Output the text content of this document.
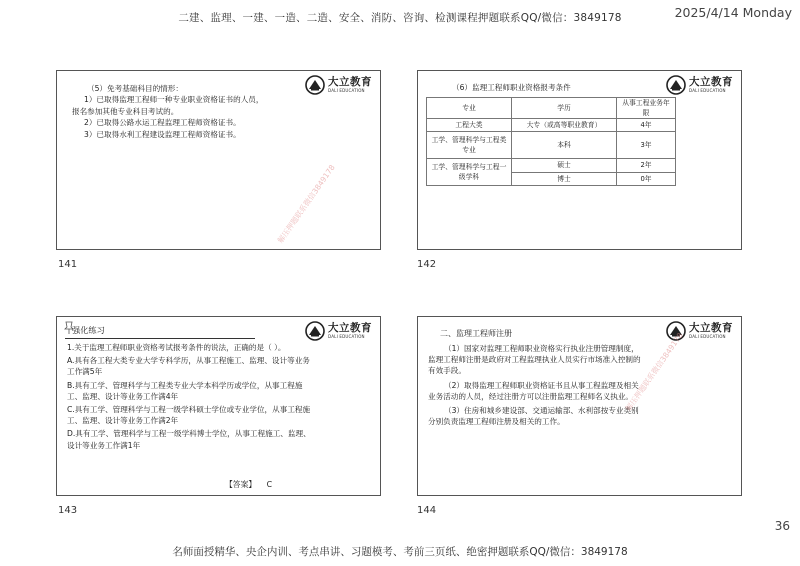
二建、监理、一建、一造、二造、安全、消防、咨询、检测课程押题联系QQ/微信：3849178	2025/4/14 Monday
大立教育
DALI EDUCATION

（5）免考基础科目的情形：

1）已取得监理工程师一种专业职业资格证书的人员，

报名参加其他专业科目考试的。

2）已取得公路水运工程监理工程师资格证书。

3）已取得水利工程建设监理工程师资格证书。

解压押题联系微信3849178
141
大立教育
DALI EDUCATION
（6）监理工程师职业资格报考条件
专业	学历	从事工程业务年限
工程大类	大专（或高等职业教育）	4年
工学、管理科学与工程类专业	本科	3年
工学、管理科学与工程一级学科	硕士	2年
	博士	0年
142
强化练习	大立教育
DALI EDUCATION

1.关于监理工程师职业资格考试报考条件的说法，正确的是（ ）。

A.具有各工程大类专业大学专科学历，从事工程施工、监理、设计等业务工作满5年

B.具有工学、管理科学与工程类专业大学本科学历或学位，从事工程施工、监理、设计等业务工作满4年

C.具有工学、管理科学与工程一级学科硕士学位或专业学位，从事工程施工、监理、设计等业务工作满2年

D.具有工学、管理科学与工程一级学科博士学位，从事工程施工、监理、设计等业务工作满1年

【答案】 C
143
大立教育
DALI EDUCATION
二、监理工程师注册

（1）国家对监理工程师职业资格实行执业注册管理制度，监理工程师注册是政府对工程监理执业人员实行市场准入控制的有效手段。

（2）取得监理工程师职业资格证书且从事工程监理及相关业务活动的人员，经过注册方可以注册监理工程师名义执业。

（3）住房和城乡建设部、交通运输部、水利部按专业类别分别负责监理工程师注册及相关的工作。

解压押题联系微信3849178
144
36
名师面授精华、央企内训、考点串讲、习题模考、考前三页纸、绝密押题联系QQ/微信：3849178
